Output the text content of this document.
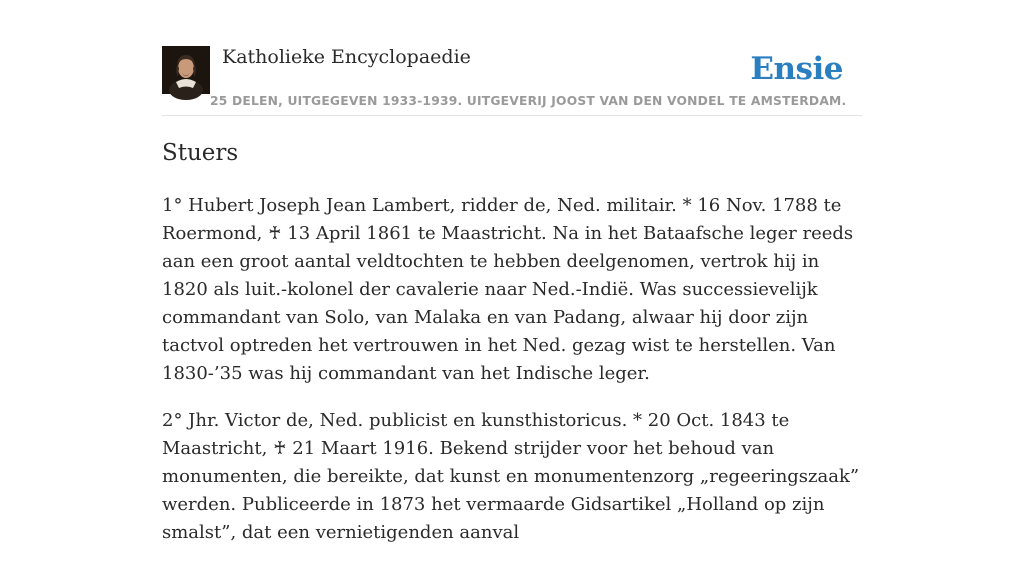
Katholieke Encyclopaedie	Ensie
25 DELEN, UITGEGEVEN 1933-1939. UITGEVERIJ JOOST VAN DEN VONDEL TE AMSTERDAM.
Stuers

1° Hubert Joseph Jean Lambert, ridder de, Ned. militair. * 16 Nov. 1788 te Roermond, ♰ 13 April 1861 te Maastricht. Na in het Bataafsche leger reeds aan een groot aantal veldtochten te hebben deelgenomen, vertrok hij in 1820 als luit.-kolonel der cavalerie naar Ned.-Indië. Was successievelijk commandant van Solo, van Malaka en van Padang, alwaar hij door zijn tactvol optreden het vertrouwen in het Ned. gezag wist te herstellen. Van 1830-’35 was hij commandant van het Indische leger.

2° Jhr. Victor de, Ned. publicist en kunsthistoricus. * 20 Oct. 1843 te Maastricht, ♰ 21 Maart 1916. Bekend strijder voor het behoud van monumenten, die bereikte, dat kunst en monumentenzorg „regeeringszaak” werden. Publiceerde in 1873 het vermaarde Gidsartikel „Holland op zijn smalst”, dat een vernietigenden aanval
